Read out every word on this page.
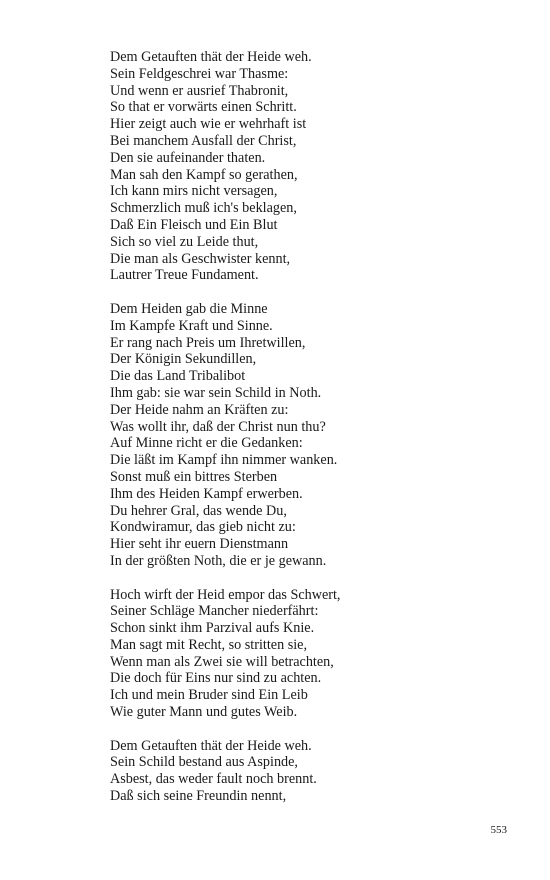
Dem Getauften thät der Heide weh.
Sein Feldgeschrei war Thasme:
Und wenn er ausrief Thabronit,
So that er vorwärts einen Schritt.
Hier zeigt auch wie er wehrhaft ist
Bei manchem Ausfall der Christ,
Den sie aufeinander thaten.
Man sah den Kampf so gerathen,
Ich kann mirs nicht versagen,
Schmerzlich muß ich's beklagen,
Daß Ein Fleisch und Ein Blut
Sich so viel zu Leide thut,
Die man als Geschwister kennt,
Lautrer Treue Fundament.
Dem Heiden gab die Minne
Im Kampfe Kraft und Sinne.
Er rang nach Preis um Ihretwillen,
Der Königin Sekundillen,
Die das Land Tribalibot
Ihm gab: sie war sein Schild in Noth.
Der Heide nahm an Kräften zu:
Was wollt ihr, daß der Christ nun thu?
Auf Minne richt er die Gedanken:
Die läßt im Kampf ihn nimmer wanken.
Sonst muß ein bittres Sterben
Ihm des Heiden Kampf erwerben.
Du hehrer Gral, das wende Du,
Kondwiramur, das gieb nicht zu:
Hier seht ihr euern Dienstmann
In der größten Noth, die er je gewann.
Hoch wirft der Heid empor das Schwert,
Seiner Schläge Mancher niederfährt:
Schon sinkt ihm Parzival aufs Knie.
Man sagt mit Recht, so stritten sie,
Wenn man als Zwei sie will betrachten,
Die doch für Eins nur sind zu achten.
Ich und mein Bruder sind Ein Leib
Wie guter Mann und gutes Weib.
Dem Getauften thät der Heide weh.
Sein Schild bestand aus Aspinde,
Asbest, das weder fault noch brennt.
Daß sich seine Freundin nennt,
553
